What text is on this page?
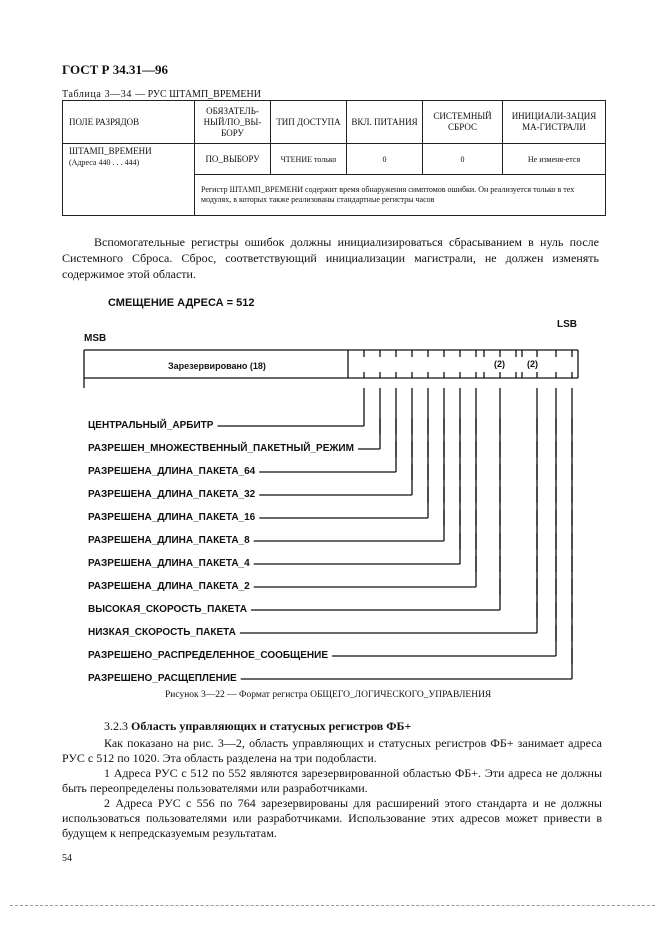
ГОСТ Р 34.31—96
Таблица 3—34 — РУС ШТАМП_ВРЕМЕНИ
ПОЛЕ РАЗРЯДОВ	ОБЯЗАТЕЛЬ-НЫЙ/ПО_ВЫ-БОРУ	ТИП ДОСТУПА	ВКЛ. ПИТАНИЯ	СИСТЕМНЫЙ СБРОС	ИНИЦИАЛИ-ЗАЦИЯ МА-ГИСТРАЛИ
ШТАМП_ВРЕМЕНИ
(Адреса 440 . . . 444)	ПО_ВЫБОРУ	ЧТЕНИЕ только	0	0	Не изменя-ется
	Регистр ШТАМП_ВРЕМЕНИ содержит время обнаружения симптомов ошибки. Он реализуется только в тех модулях, в которых также реализованы стандартные регистры часов				
Вспомогательные регистры ошибок должны инициализироваться сбрасыванием в нуль после Системного Сброса. Сброс, соответствующий инициализации магистрали, не должен изменять содержимое этой области.
СМЕЩЕНИЕ АДРЕСА = 512
MSB
LSB
Зарезервировано (18)	(2) (2)
ЦЕНТРАЛЬНЫЙ_АРБИТР
РАЗРЕШЕН_МНОЖЕСТВЕННЫЙ_ПАКЕТНЫЙ_РЕЖИМ
РАЗРЕШЕНА_ДЛИНА_ПАКЕТА_64
РАЗРЕШЕНА_ДЛИНА_ПАКЕТА_32
РАЗРЕШЕНА_ДЛИНА_ПАКЕТА_16
РАЗРЕШЕНА_ДЛИНА_ПАКЕТА_8
РАЗРЕШЕНА_ДЛИНА_ПАКЕТА_4
РАЗРЕШЕНА_ДЛИНА_ПАКЕТА_2
ВЫСОКАЯ_СКОРОСТЬ_ПАКЕТА
НИЗКАЯ_СКОРОСТЬ_ПАКЕТА
РАЗРЕШЕНО_РАСПРЕДЕЛЕННОЕ_СООБЩЕНИЕ
РАЗРЕШЕНО_РАСЩЕПЛЕНИЕ
Рисунок 3—22 — Формат регистра ОБЩЕГО_ЛОГИЧЕСКОГО_УПРАВЛЕНИЯ
3.2.3 Область управляющих и статусных регистров ФБ+
Как показано на рис. 3—2, область управляющих и статусных регистров ФБ+ занимает адреса РУС с 512 по 1020. Эта область разделена на три подобласти.
1 Адреса РУС с 512 по 552 являются зарезервированной областью ФБ+. Эти адреса не должны быть переопределены пользователями или разработчиками.
2 Адреса РУС с 556 по 764 зарезервированы для расширений этого стандарта и не должны использоваться пользователями или разработчиками. Использование этих адресов может привести в будущем к непредсказуемым результатам.
54
